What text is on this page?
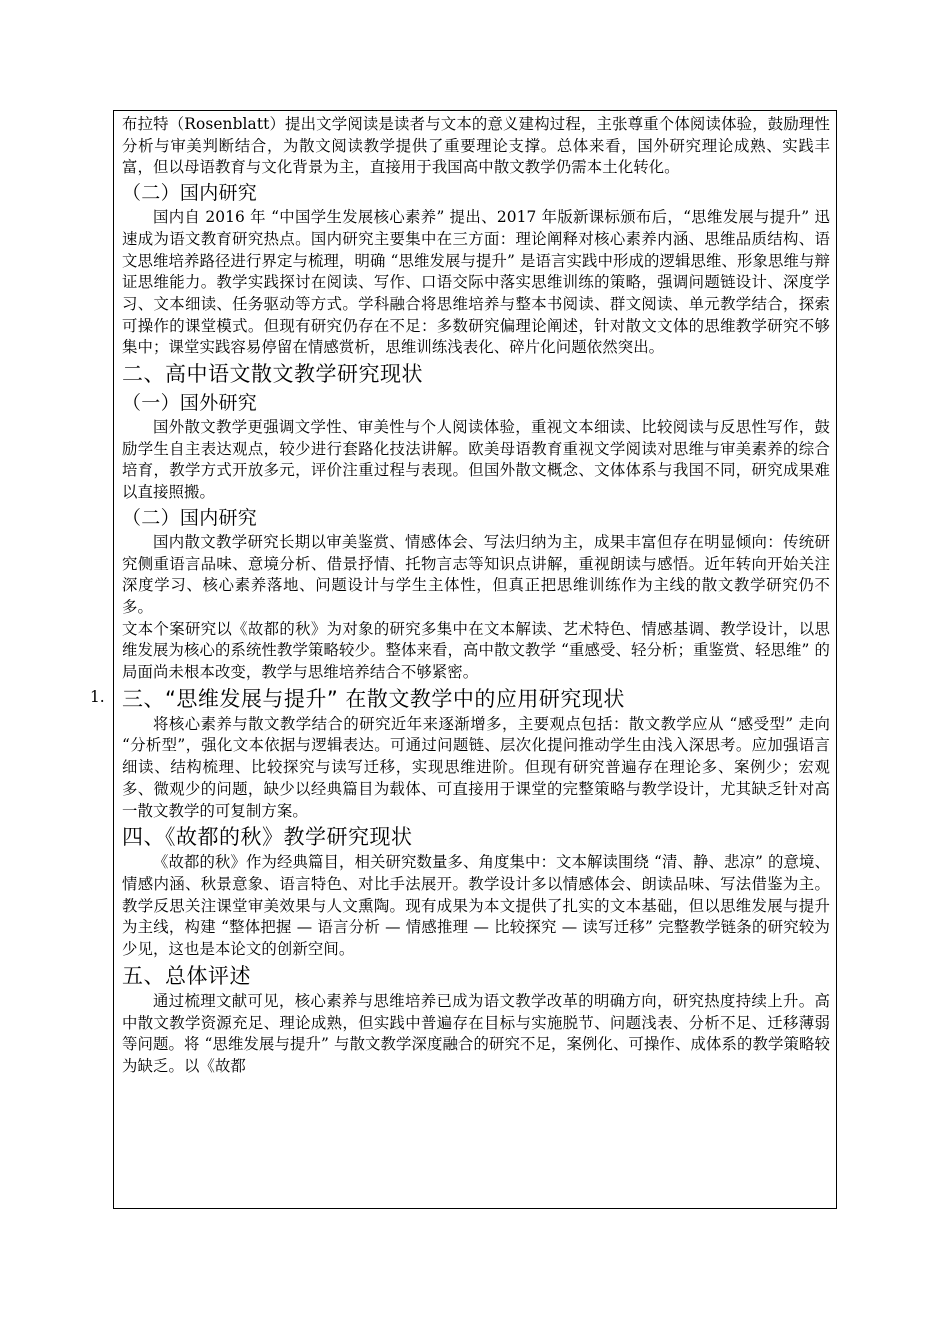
1.

布拉特（Rosenblatt）提出文学阅读是读者与文本的意义建构过程，主张尊重个体阅读体验，鼓励理性分析与审美判断结合，为散文阅读教学提供了重要理论支撑。总体来看，国外研究理论成熟、实践丰富，但以母语教育与文化背景为主，直接用于我国高中散文教学仍需本土化转化。

（二）国内研究

国内自 2016 年 “中国学生发展核心素养” 提出、2017 年版新课标颁布后，“思维发展与提升” 迅速成为语文教育研究热点。国内研究主要集中在三方面：理论阐释对核心素养内涵、思维品质结构、语文思维培养路径进行界定与梳理，明确 “思维发展与提升” 是语言实践中形成的逻辑思维、形象思维与辩证思维能力。教学实践探讨在阅读、写作、口语交际中落实思维训练的策略，强调问题链设计、深度学习、文本细读、任务驱动等方式。学科融合将思维培养与整本书阅读、群文阅读、单元教学结合，探索可操作的课堂模式。但现有研究仍存在不足：多数研究偏理论阐述，针对散文文体的思维教学研究不够集中；课堂实践容易停留在情感赏析，思维训练浅表化、碎片化问题依然突出。

二、高中语文散文教学研究现状
（一）国外研究

国外散文教学更强调文学性、审美性与个人阅读体验，重视文本细读、比较阅读与反思性写作，鼓励学生自主表达观点，较少进行套路化技法讲解。欧美母语教育重视文学阅读对思维与审美素养的综合培育，教学方式开放多元，评价注重过程与表现。但国外散文概念、文体体系与我国不同，研究成果难以直接照搬。

（二）国内研究

国内散文教学研究长期以审美鉴赏、情感体会、写法归纳为主，成果丰富但存在明显倾向：传统研究侧重语言品味、意境分析、借景抒情、托物言志等知识点讲解，重视朗读与感悟。近年转向开始关注深度学习、核心素养落地、问题设计与学生主体性，但真正把思维训练作为主线的散文教学研究仍不多。

文本个案研究以《故都的秋》为对象的研究多集中在文本解读、艺术特色、情感基调、教学设计，以思维发展为核心的系统性教学策略较少。整体来看，高中散文教学 “重感受、轻分析；重鉴赏、轻思维” 的局面尚未根本改变，教学与思维培养结合不够紧密。

三、“思维发展与提升” 在散文教学中的应用研究现状

将核心素养与散文教学结合的研究近年来逐渐增多，主要观点包括：散文教学应从 “感受型” 走向 “分析型”，强化文本依据与逻辑表达。可通过问题链、层次化提问推动学生由浅入深思考。应加强语言细读、结构梳理、比较探究与读写迁移，实现思维进阶。但现有研究普遍存在理论多、案例少；宏观多、微观少的问题，缺少以经典篇目为载体、可直接用于课堂的完整策略与教学设计，尤其缺乏针对高一散文教学的可复制方案。

四、《故都的秋》教学研究现状

《故都的秋》作为经典篇目，相关研究数量多、角度集中：文本解读围绕 “清、静、悲凉” 的意境、情感内涵、秋景意象、语言特色、对比手法展开。教学设计多以情感体会、朗读品味、写法借鉴为主。教学反思关注课堂审美效果与人文熏陶。现有成果为本文提供了扎实的文本基础，但以思维发展与提升为主线，构建 “整体把握 — 语言分析 — 情感推理 — 比较探究 — 读写迁移” 完整教学链条的研究较为少见，这也是本论文的创新空间。

五、总体评述

通过梳理文献可见，核心素养与思维培养已成为语文教学改革的明确方向，研究热度持续上升。高中散文教学资源充足、理论成熟，但实践中普遍存在目标与实施脱节、问题浅表、分析不足、迁移薄弱等问题。将 “思维发展与提升” 与散文教学深度融合的研究不足，案例化、可操作、成体系的教学策略较为缺乏。以《故都
